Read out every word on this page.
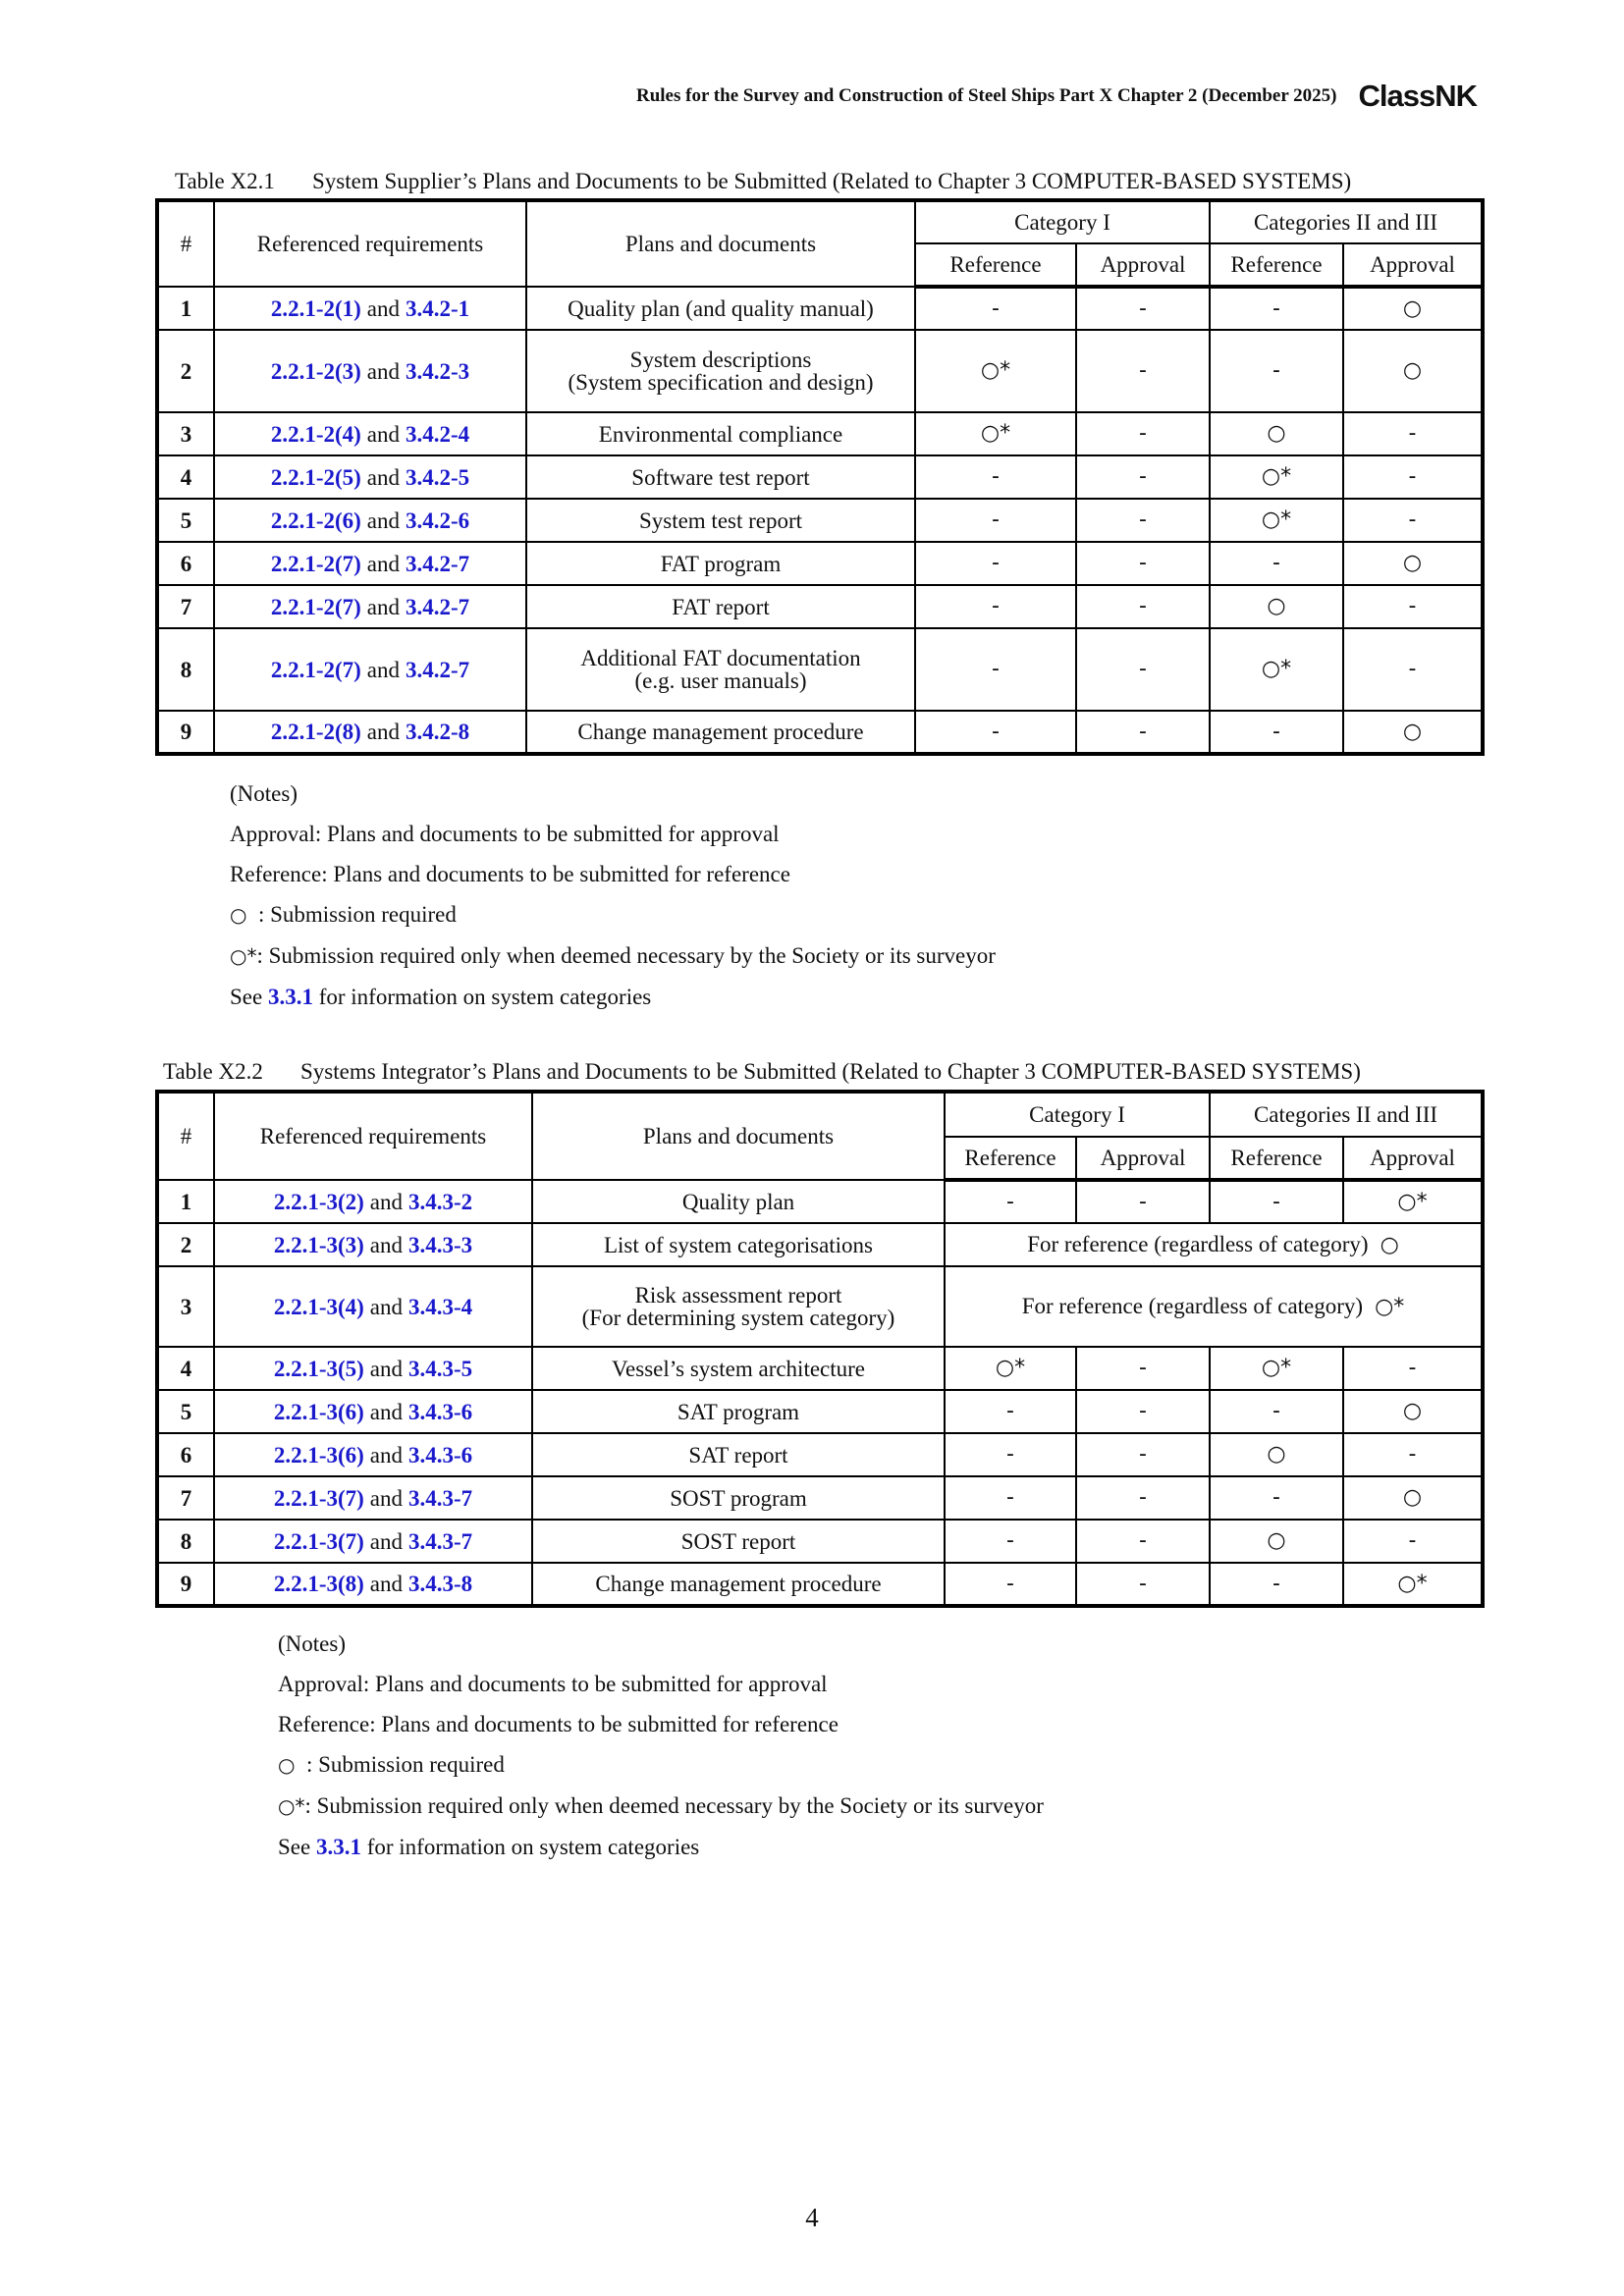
Rules for the Survey and Construction of Steel Ships Part X Chapter 2 (December 2025) ClassNK
Table X2.1 System Supplier’s Plans and Documents to be Submitted (Related to Chapter 3 COMPUTER-BASED SYSTEMS)
#	Referenced requirements	Plans and documents	Category I		Categories II and III	
			Reference	Approval	Reference	Approval
1	2.2.1-2(1) and 3.4.2-1	Quality plan (and quality manual)	-	-	-	○
2	2.2.1-2(3) and 3.4.2-3	System descriptions
(System specification and design)	○*	-	-	○
3	2.2.1-2(4) and 3.4.2-4	Environmental compliance	○*	-	○	-
4	2.2.1-2(5) and 3.4.2-5	Software test report	-	-	○*	-
5	2.2.1-2(6) and 3.4.2-6	System test report	-	-	○*	-
6	2.2.1-2(7) and 3.4.2-7	FAT program	-	-	-	○
7	2.2.1-2(7) and 3.4.2-7	FAT report	-	-	○	-
8	2.2.1-2(7) and 3.4.2-7	Additional FAT documentation
(e.g. user manuals)	-	-	○*	-
9	2.2.1-2(8) and 3.4.2-8	Change management procedure	-	-	-	○
(Notes)
Approval: Plans and documents to be submitted for approval
Reference: Plans and documents to be submitted for reference
○  : Submission required
○*: Submission required only when deemed necessary by the Society or its surveyor
See 3.3.1 for information on system categories
Table X2.2 Systems Integrator’s Plans and Documents to be Submitted (Related to Chapter 3 COMPUTER-BASED SYSTEMS)
#	Referenced requirements	Plans and documents	Category I		Categories II and III	
			Reference	Approval	Reference	Approval
1	2.2.1-3(2) and 3.4.3-2	Quality plan	-	-	-	○*
2	2.2.1-3(3) and 3.4.3-3	List of system categorisations	For reference (regardless of category) ○			
3	2.2.1-3(4) and 3.4.3-4	Risk assessment report
(For determining system category)	For reference (regardless of category) ○*			
4	2.2.1-3(5) and 3.4.3-5	Vessel’s system architecture	○*	-	○*	-
5	2.2.1-3(6) and 3.4.3-6	SAT program	-	-	-	○
6	2.2.1-3(6) and 3.4.3-6	SAT report	-	-	○	-
7	2.2.1-3(7) and 3.4.3-7	SOST program	-	-	-	○
8	2.2.1-3(7) and 3.4.3-7	SOST report	-	-	○	-
9	2.2.1-3(8) and 3.4.3-8	Change management procedure	-	-	-	○*
(Notes)
Approval: Plans and documents to be submitted for approval
Reference: Plans and documents to be submitted for reference
○  : Submission required
○*: Submission required only when deemed necessary by the Society or its surveyor
See 3.3.1 for information on system categories
4
